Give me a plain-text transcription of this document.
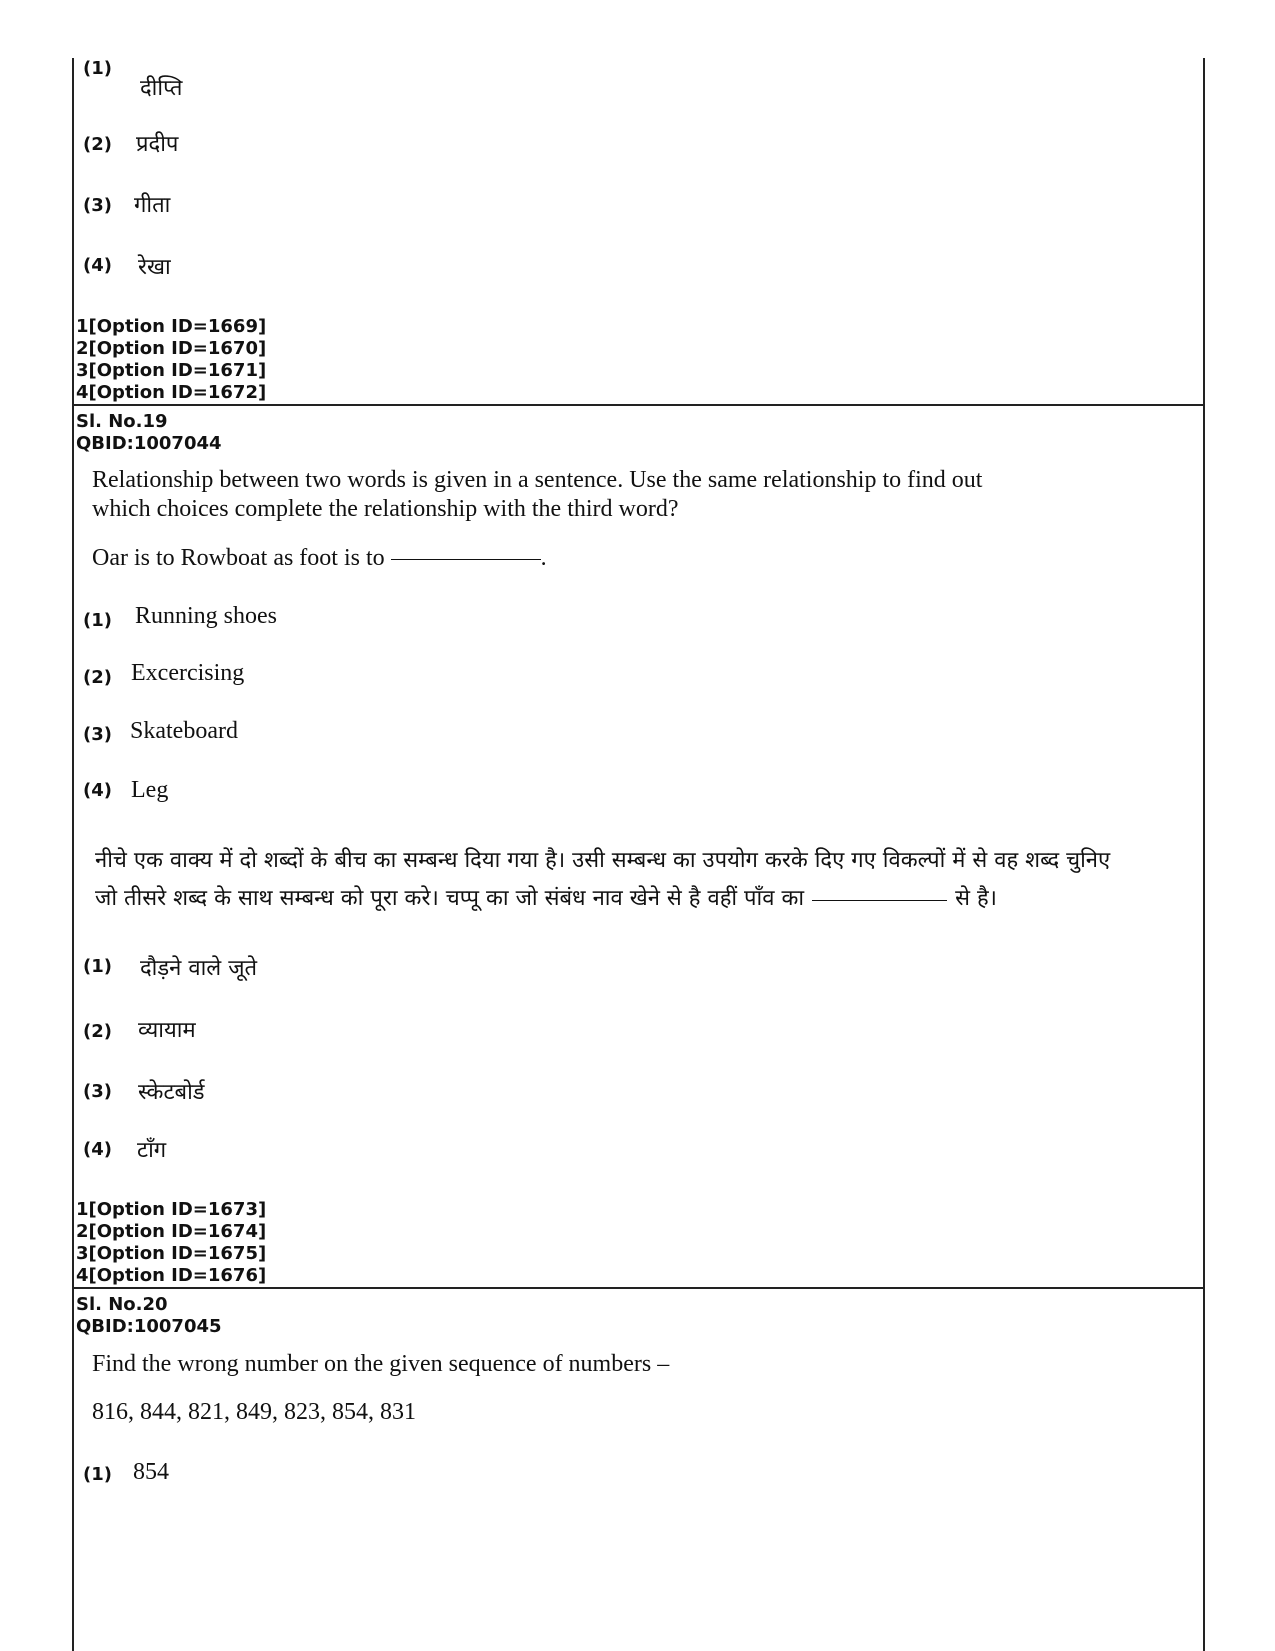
(1)
दीप्ति
(2) प्रदीप
(3) गीता
(4) रेखा
1[Option ID=1669]
2[Option ID=1670]
3[Option ID=1671]
4[Option ID=1672]
Sl. No.19
QBID:1007044
Relationship between two words is given in a sentence. Use the same relationship to find out
which choices complete the relationship with the third word?
Oar is to Rowboat as foot is to	.
(1) Running shoes
(2) Excercising
(3) Skateboard
(4) Leg
नीचे एक वाक्य में दो शब्दों के बीच का सम्बन्ध दिया गया है। उसी सम्बन्ध का उपयोग करके दिए गए विकल्पों में से वह शब्द चुनिए
जो तीसरे शब्द के साथ सम्बन्ध को पूरा करे। चप्पू का जो संबंध नाव खेने से है वहीं पाँव का	से है।
(1) दौड़ने वाले जूते
(2) व्यायाम
(3) स्केटबोर्ड
(4) टाँग
1[Option ID=1673]
2[Option ID=1674]
3[Option ID=1675]
4[Option ID=1676]
Sl. No.20
QBID:1007045
Find the wrong number on the given sequence of numbers –
816, 844, 821, 849, 823, 854, 831
(1) 854
